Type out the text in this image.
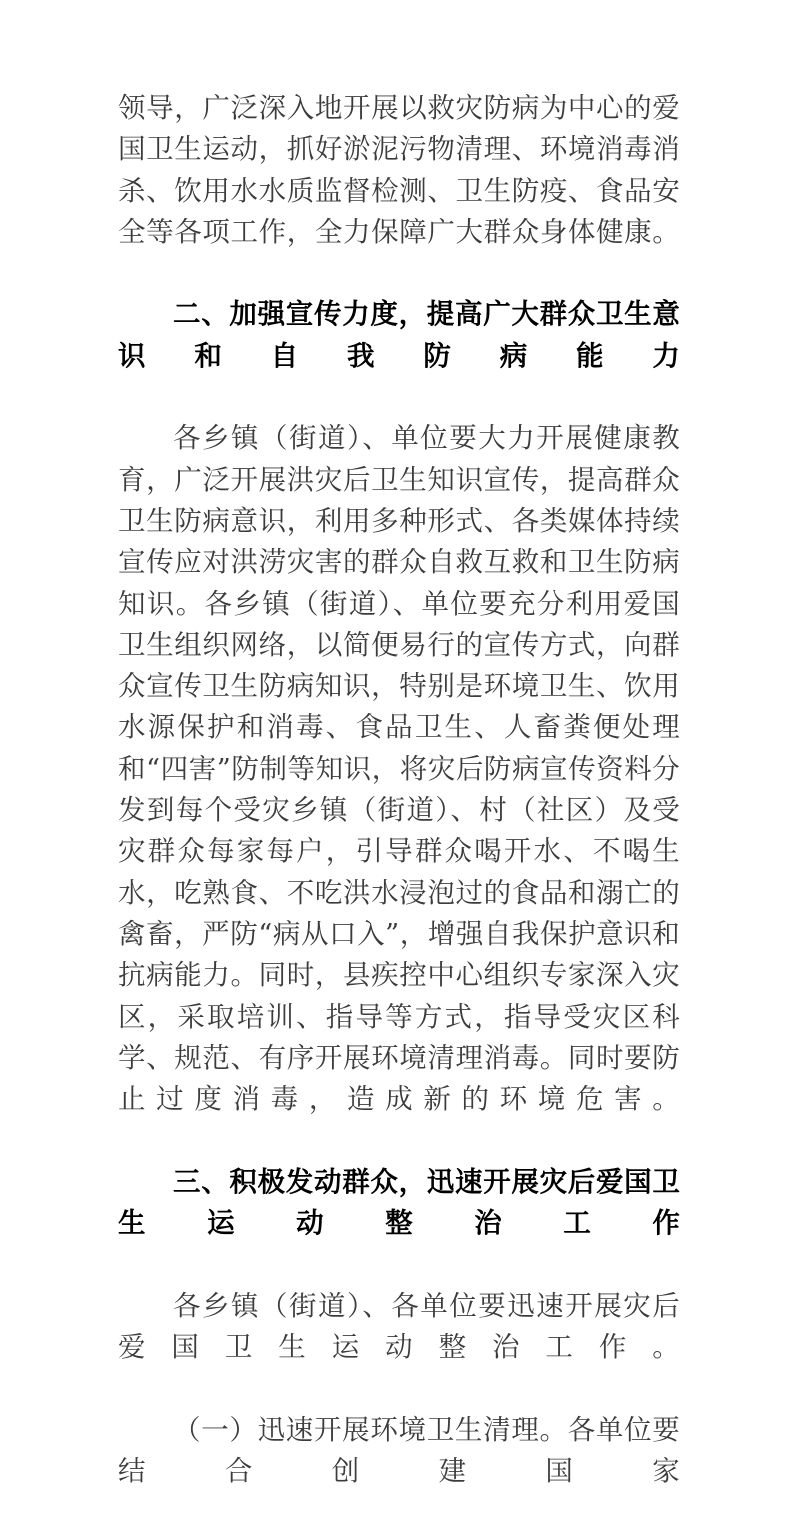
领导，广泛深入地开展以救灾防病为中心的爱国卫生运动，抓好淤泥污物清理、环境消毒消杀、饮用水水质监督检测、卫生防疫、食品安全等各项工作，全力保障广大群众身体健康。

二、加强宣传力度，提高广大群众卫生意识和自我防病能力

各乡镇（街道）、单位要大力开展健康教育，广泛开展洪灾后卫生知识宣传，提高群众卫生防病意识，利用多种形式、各类媒体持续宣传应对洪涝灾害的群众自救互救和卫生防病知识。各乡镇（街道）、单位要充分利用爱国卫生组织网络，以简便易行的宣传方式，向群众宣传卫生防病知识，特别是环境卫生、饮用水源保护和消毒、食品卫生、人畜粪便处理和“四害”防制等知识，将灾后防病宣传资料分发到每个受灾乡镇（街道）、村（社区）及受灾群众每家每户，引导群众喝开水、不喝生水，吃熟食、不吃洪水浸泡过的食品和溺亡的禽畜，严防“病从口入”，增强自我保护意识和抗病能力。同时，县疾控中心组织专家深入灾区，采取培训、指导等方式，指导受灾区科学、规范、有序开展环境清理消毒。同时要防止过度消毒，造成新的环境危害。

三、积极发动群众，迅速开展灾后爱国卫生运动整治工作

各乡镇（街道）、各单位要迅速开展灾后爱国卫生运动整治工作。

（一）迅速开展环境卫生清理。各单位要结合创建国家
